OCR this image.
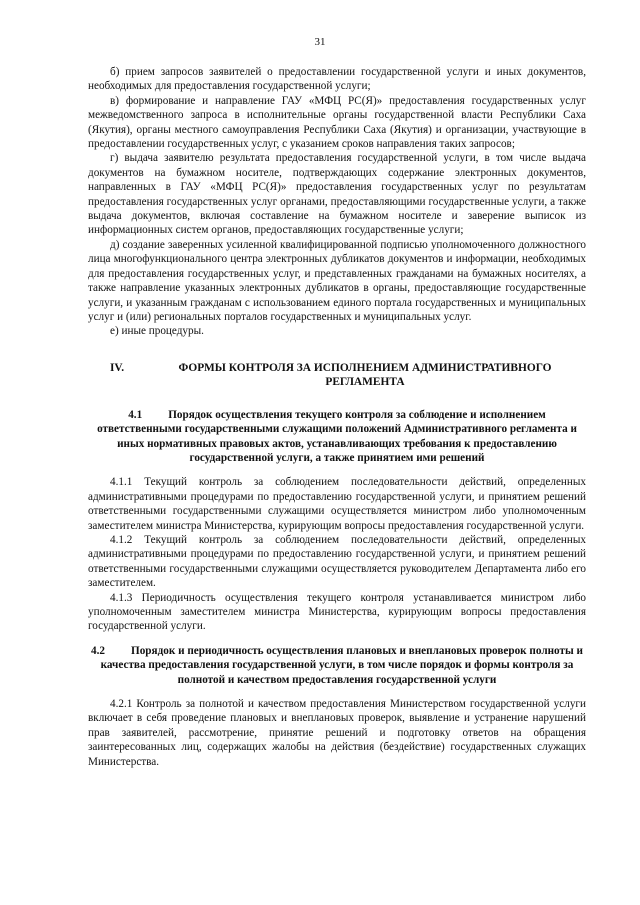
31

б) прием запросов заявителей о предоставлении государственной услуги и иных документов, необходимых для предоставления государственной услуги;

в) формирование и направление ГАУ «МФЦ РС(Я)» предоставления государственных услуг межведомственного запроса в исполнительные органы государственной власти Республики Саха (Якутия), органы местного самоуправления Республики Саха (Якутия) и организации, участвующие в предоставлении государственных услуг, с указанием сроков направления таких запросов;

г) выдача заявителю результата предоставления государственной услуги, в том числе выдача документов на бумажном носителе, подтверждающих содержание электронных документов, направленных в ГАУ «МФЦ РС(Я)» предоставления государственных услуг по результатам предоставления государственных услуг органами, предоставляющими государственные услуги, а также выдача документов, включая составление на бумажном носителе и заверение выписок из информационных систем органов, предоставляющих государственные услуги;

д) создание заверенных усиленной квалифицированной подписью уполномоченного должностного лица многофункционального центра электронных дубликатов документов и информации, необходимых для предоставления государственных услуг, и представленных гражданами на бумажных носителях, а также направление указанных электронных дубликатов в органы, предоставляющие государственные услуги, и указанным гражданам с использованием единого портала государственных и муниципальных услуг и (или) региональных порталов государственных и муниципальных услуг.

е) иные процедуры.

IV.	ФОРМЫ КОНТРОЛЯ ЗА ИСПОЛНЕНИЕМ АДМИНИСТРАТИВНОГО
РЕГЛАМЕНТА
4.1 Порядок осуществления текущего контроля за соблюдение и исполнением ответственными государственными служащими положений Административного регламента и иных нормативных правовых актов, устанавливающих требования к предоставлению государственной услуги, а также принятием ими решений

4.1.1 Текущий контроль за соблюдением последовательности действий, определенных административными процедурами по предоставлению государственной услуги, и принятием решений ответственными государственными служащими осуществляется министром либо уполномоченным заместителем министра Министерства, курирующим вопросы предоставления государственной услуги.

4.1.2 Текущий контроль за соблюдением последовательности действий, определенных административными процедурами по предоставлению государственной услуги, и принятием решений ответственными государственными служащими осуществляется руководителем Департамента либо его заместителем.

4.1.3 Периодичность осуществления текущего контроля устанавливается министром либо уполномоченным заместителем министра Министерства, курирующим вопросы предоставления государственной услуги.

4.2 Порядок и периодичность осуществления плановых и внеплановых проверок полноты и качества предоставления государственной услуги, в том числе порядок и формы контроля за полнотой и качеством предоставления государственной услуги

4.2.1 Контроль за полнотой и качеством предоставления Министерством государственной услуги включает в себя проведение плановых и внеплановых проверок, выявление и устранение нарушений прав заявителей, рассмотрение, принятие решений и подготовку ответов на обращения заинтересованных лиц, содержащих жалобы на действия (бездействие) государственных служащих Министерства.
